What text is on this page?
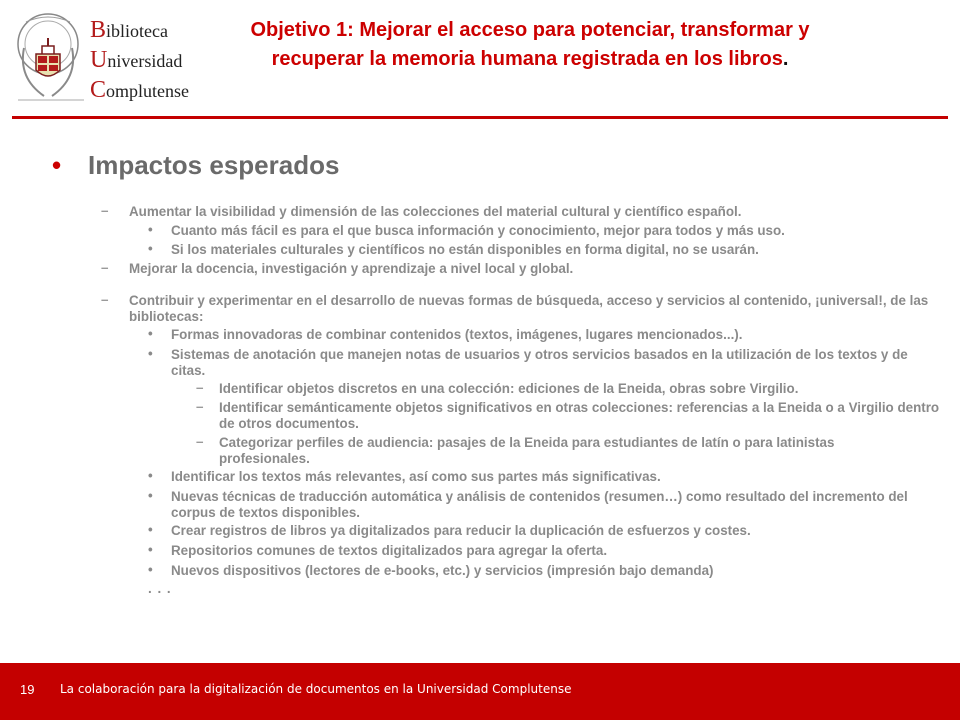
Biblioteca
Universidad
Complutense
Objetivo 1: Mejorar el acceso para potenciar, transformar y
recuperar la memoria humana registrada en los libros.
• Impactos esperados
– Aumentar la visibilidad y dimensión de las colecciones del material cultural y científico español.
• Cuanto más fácil es para el que busca información y conocimiento, mejor para todos y más uso.
• Si los materiales culturales y científicos no están disponibles en forma digital, no se usarán.
– Mejorar la docencia, investigación y aprendizaje a nivel local y global.
– Contribuir y experimentar en el desarrollo de nuevas formas de búsqueda, acceso y servicios al contenido, ¡universal!, de las bibliotecas:
• Formas innovadoras de combinar contenidos (textos, imágenes, lugares mencionados...).
• Sistemas de anotación que manejen notas de usuarios y otros servicios basados en la utilización de los textos y de citas.
– Identificar objetos discretos en una colección: ediciones de la Eneida, obras sobre Virgilio.
– Identificar semánticamente objetos significativos en otras colecciones: referencias a la Eneida o a Virgilio dentro de otros documentos.
– Categorizar perfiles de audiencia: pasajes de la Eneida para estudiantes de latín o para latinistas profesionales.
• Identificar los textos más relevantes, así como sus partes más significativas.
• Nuevas técnicas de traducción automática y análisis de contenidos (resumen…) como resultado del incremento del corpus de textos disponibles.
• Crear registros de libros ya digitalizados para reducir la duplicación de esfuerzos y costes.
• Repositorios comunes de textos digitalizados para agregar la oferta.
• Nuevos dispositivos (lectores de e-books, etc.) y servicios (impresión bajo demanda)
. . .
19 La colaboración para la digitalización de documentos en la Universidad Complutense
